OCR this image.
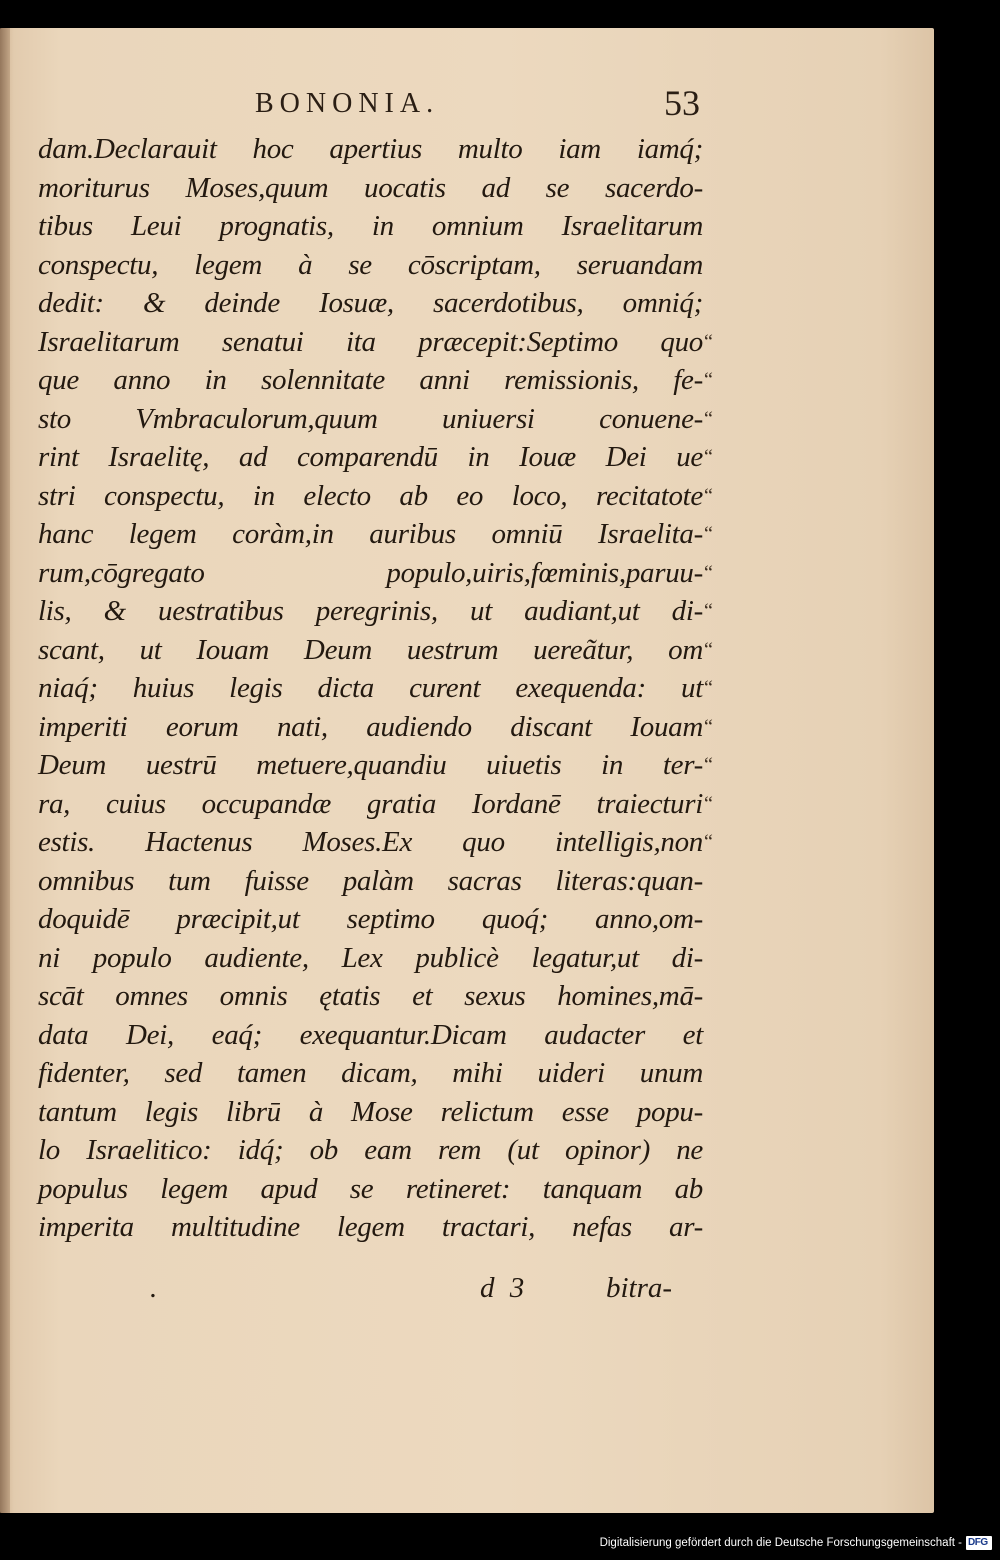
BONONIA.	53
dam.Declarauit hoc apertius multo iam iamq́;
moriturus Moses,quum uocatis ad se sacerdo-
tibus Leui prognatis, in omnium Israelitarum
conspectu, legem à se cōscriptam, seruandam
dedit: & deinde Iosuæ, sacerdotibus, omniq́;
Israelitarum senatui ita præcepit:Septimo quo
que anno in solennitate anni remissionis, fe-
sto Vmbraculorum,quum uniuersi conuene-
rint Israelitę, ad comparendū in Iouæ Dei ue
stri conspectu, in electo ab eo loco, recitatote
hanc legem coràm,in auribus omniū Israelita-
rum,cōgregato populo,uiris,fœminis,paruu-
lis, & uestratibus peregrinis, ut audiant,ut di-
scant, ut Iouam Deum uestrum uereãtur, om
niaq́; huius legis dicta curent exequenda: ut
imperiti eorum nati, audiendo discant Iouam
Deum uestrū metuere,quandiu uiuetis in ter-
ra, cuius occupandæ gratia Iordanē traiecturi
estis. Hactenus Moses.Ex quo intelligis,non
omnibus tum fuisse palàm sacras literas:quan-
doquidē præcipit,ut septimo quoq́; anno,om-
ni populo audiente, Lex publicè legatur,ut di-
scāt omnes omnis ętatis et sexus homines,mā-
data Dei, eaq́; exequantur.Dicam audacter et
fidenter, sed tamen dicam, mihi uideri unum
tantum legis librū à Mose relictum esse popu-
lo Israelitico: idq́; ob eam rem (ut opinor) ne
populus legem apud se retineret: tanquam ab
imperita multitudine legem tractari, nefas ar-
“
“
“
“
“
“
“
“
“
“
“
“
“
“
.	d 3	bitra-
Digitalisierung gefördert durch die Deutsche Forschungsgemeinschaft - DFG
